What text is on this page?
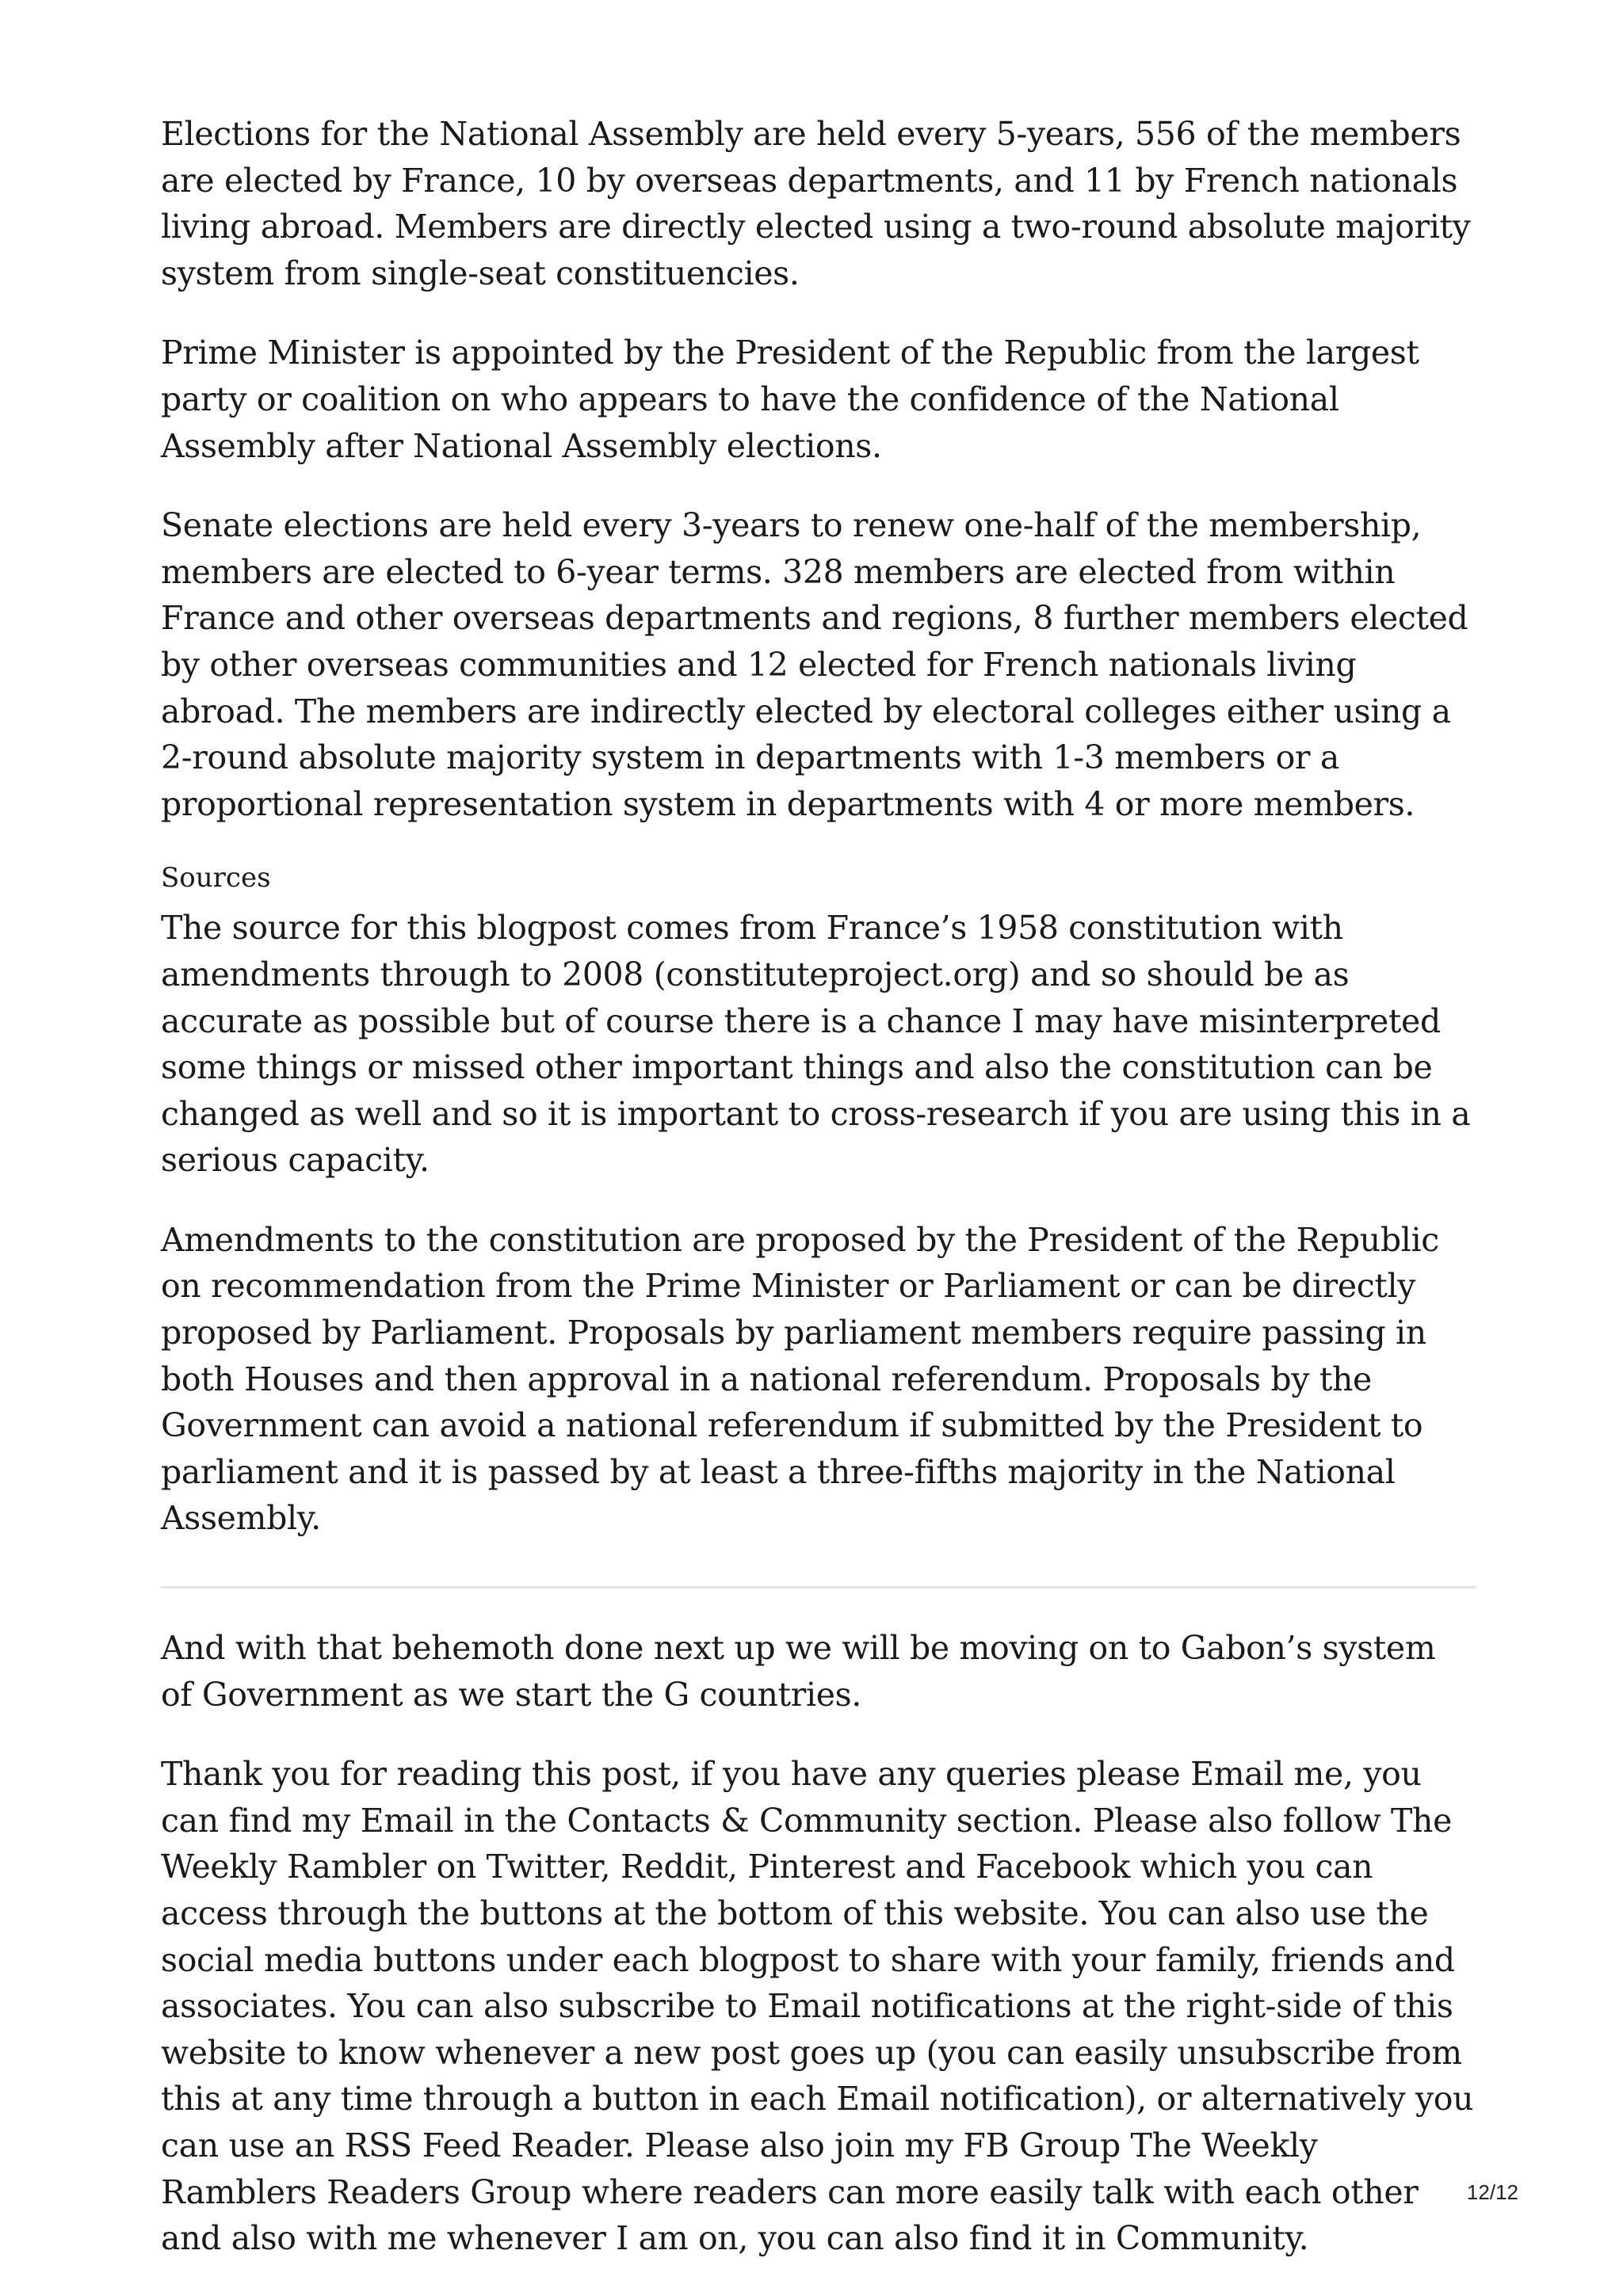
Elections for the National Assembly are held every 5-years, 556 of the members are elected by France, 10 by overseas departments, and 11 by French nationals living abroad. Members are directly elected using a two-round absolute majority system from single-seat constituencies.

Prime Minister is appointed by the President of the Republic from the largest party or coalition on who appears to have the confidence of the National Assembly after National Assembly elections.

Senate elections are held every 3-years to renew one-half of the membership, members are elected to 6-year terms. 328 members are elected from within France and other overseas departments and regions, 8 further members elected by other overseas communities and 12 elected for French nationals living abroad. The members are indirectly elected by electoral colleges either using a 2-round absolute majority system in departments with 1-3 members or a proportional representation system in departments with 4 or more members.

Sources

The source for this blogpost comes from France’s 1958 constitution with amendments through to 2008 (constituteproject.org) and so should be as accurate as possible but of course there is a chance I may have misinterpreted some things or missed other important things and also the constitution can be changed as well and so it is important to cross-research if you are using this in a serious capacity.

Amendments to the constitution are proposed by the President of the Republic on recommendation from the Prime Minister or Parliament or can be directly proposed by Parliament. Proposals by parliament members require passing in both Houses and then approval in a national referendum. Proposals by the Government can avoid a national referendum if submitted by the President to parliament and it is passed by at least a three-fifths majority in the National Assembly.

And with that behemoth done next up we will be moving on to Gabon’s system of Government as we start the G countries.

Thank you for reading this post, if you have any queries please Email me, you can find my Email in the Contacts & Community section. Please also follow The Weekly Rambler on Twitter, Reddit, Pinterest and Facebook which you can access through the buttons at the bottom of this website. You can also use the social media buttons under each blogpost to share with your family, friends and associates. You can also subscribe to Email notifications at the right-side of this website to know whenever a new post goes up (you can easily unsubscribe from this at any time through a button in each Email notification), or alternatively you can use an RSS Feed Reader. Please also join my FB Group The Weekly Ramblers Readers Group where readers can more easily talk with each other and also with me whenever I am on, you can also find it in Community.

12/12
